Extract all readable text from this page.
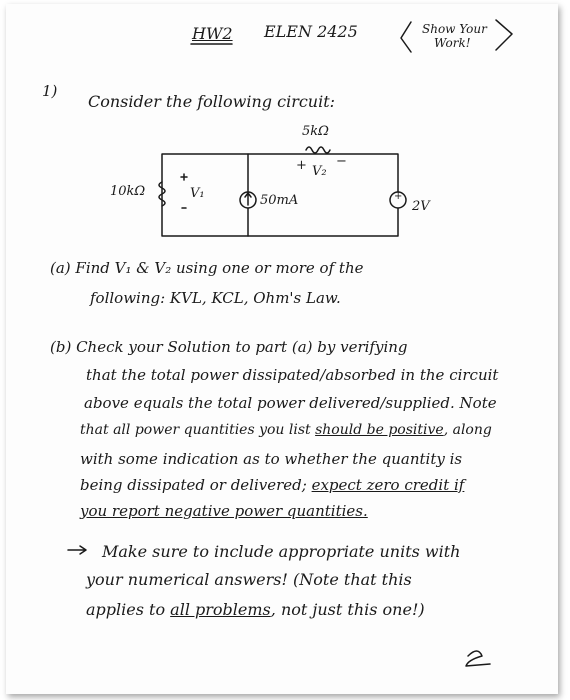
HW2 ELEN 2425	Show Your
Work!
1)
Consider the following circuit:
5kΩ
+ V₂
−
10kΩ	V₁	50mA	+
2V
(a) Find V₁ & V₂ using one or more of the
following: KVL, KCL, Ohm's Law.
(b) Check your Solution to part (a) by verifying
that the total power dissipated/absorbed in the circuit
above equals the total power delivered/supplied. Note
that all power quantities you list should be positive, along
with some indication as to whether the quantity is
being dissipated or delivered; expect zero credit if
you report negative power quantities.
Make sure to include appropriate units with
your numerical answers! (Note that this
applies to all problems, not just this one!)
